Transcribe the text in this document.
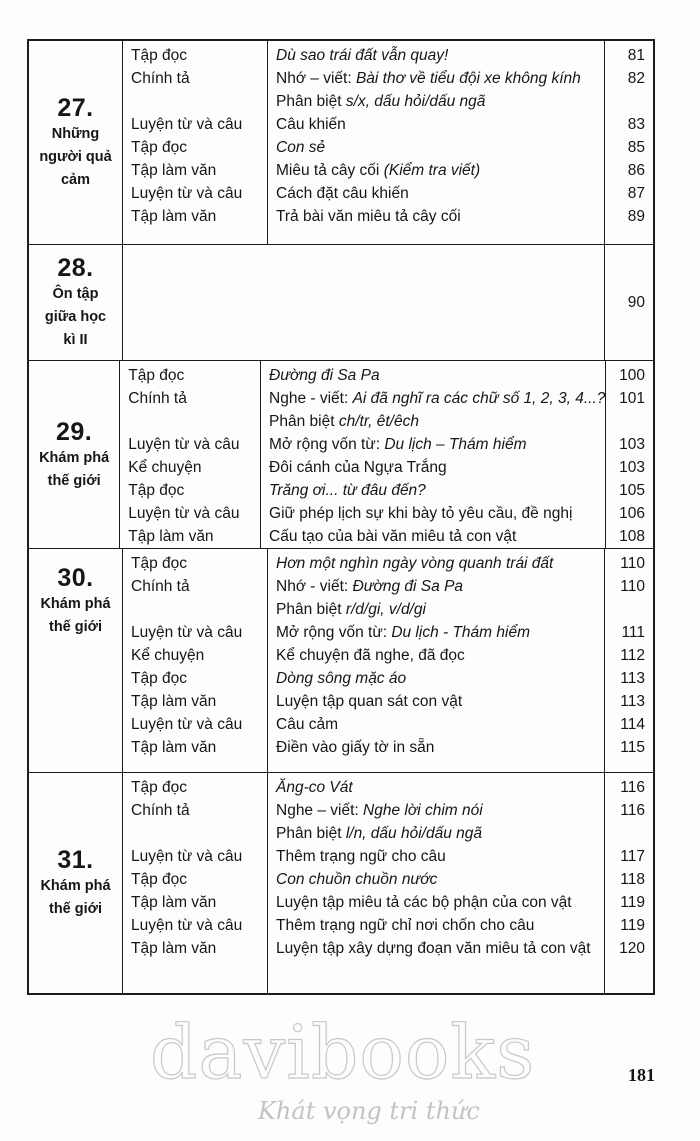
27.
Những
người quả
cảm
Tập đọc
Chính tả
Luyện từ và câu
Tập đọc
Tập làm văn
Luyện từ và câu
Tập làm văn
Dù sao trái đất vẫn quay!
Nhớ – viết: Bài thơ về tiểu đội xe không kính
Phân biệt s/x, dấu hỏi/dấu ngã
Câu khiến
Con sẻ
Miêu tả cây cối (Kiểm tra viết)
Cách đặt câu khiến
Trả bài văn miêu tả cây cối
81
82
83
85
86
87
89
28.
Ôn tập
giữa học
kì II
90
29.
Khám phá
thế giới
Tập đọc
Chính tả
Luyện từ và câu
Kể chuyện
Tập đọc
Luyện từ và câu
Tập làm văn
Đường đi Sa Pa
Nghe - viết: Ai đã nghĩ ra các chữ số 1, 2, 3, 4...?
Phân biệt ch/tr, êt/êch
Mở rộng vốn từ: Du lịch – Thám hiểm
Đôi cánh của Ngựa Trắng
Trăng ơi... từ đâu đến?
Giữ phép lịch sự khi bày tỏ yêu cầu, đề nghị
Cấu tạo của bài văn miêu tả con vật
100
101
103
103
105
106
108
30.
Khám phá
thế giới
Tập đọc
Chính tả
Luyện từ và câu
Kể chuyện
Tập đọc
Tập làm văn
Luyện từ và câu
Tập làm văn
Hơn một nghìn ngày vòng quanh trái đất
Nhớ - viết: Đường đi Sa Pa
Phân biệt r/d/gi, v/d/gi
Mở rộng vốn từ: Du lịch - Thám hiểm
Kể chuyện đã nghe, đã đọc
Dòng sông mặc áo
Luyện tập quan sát con vật
Câu cảm
Điền vào giấy tờ in sẵn
110
110
111
112
113
113
114
115
31.
Khám phá
thế giới
Tập đọc
Chính tả
Luyện từ và câu
Tập đọc
Tập làm văn
Luyện từ và câu
Tập làm văn
Ăng-co Vát
Nghe – viết: Nghe lời chim nói
Phân biệt l/n, dấu hỏi/dấu ngã
Thêm trạng ngữ cho câu
Con chuồn chuồn nước
Luyện tập miêu tả các bộ phận của con vật
Thêm trạng ngữ chỉ nơi chốn cho câu
Luyện tập xây dựng đoạn văn miêu tả con vật
116
116
117
118
119
119
120
davibooks
Khát vọng tri thức
181
